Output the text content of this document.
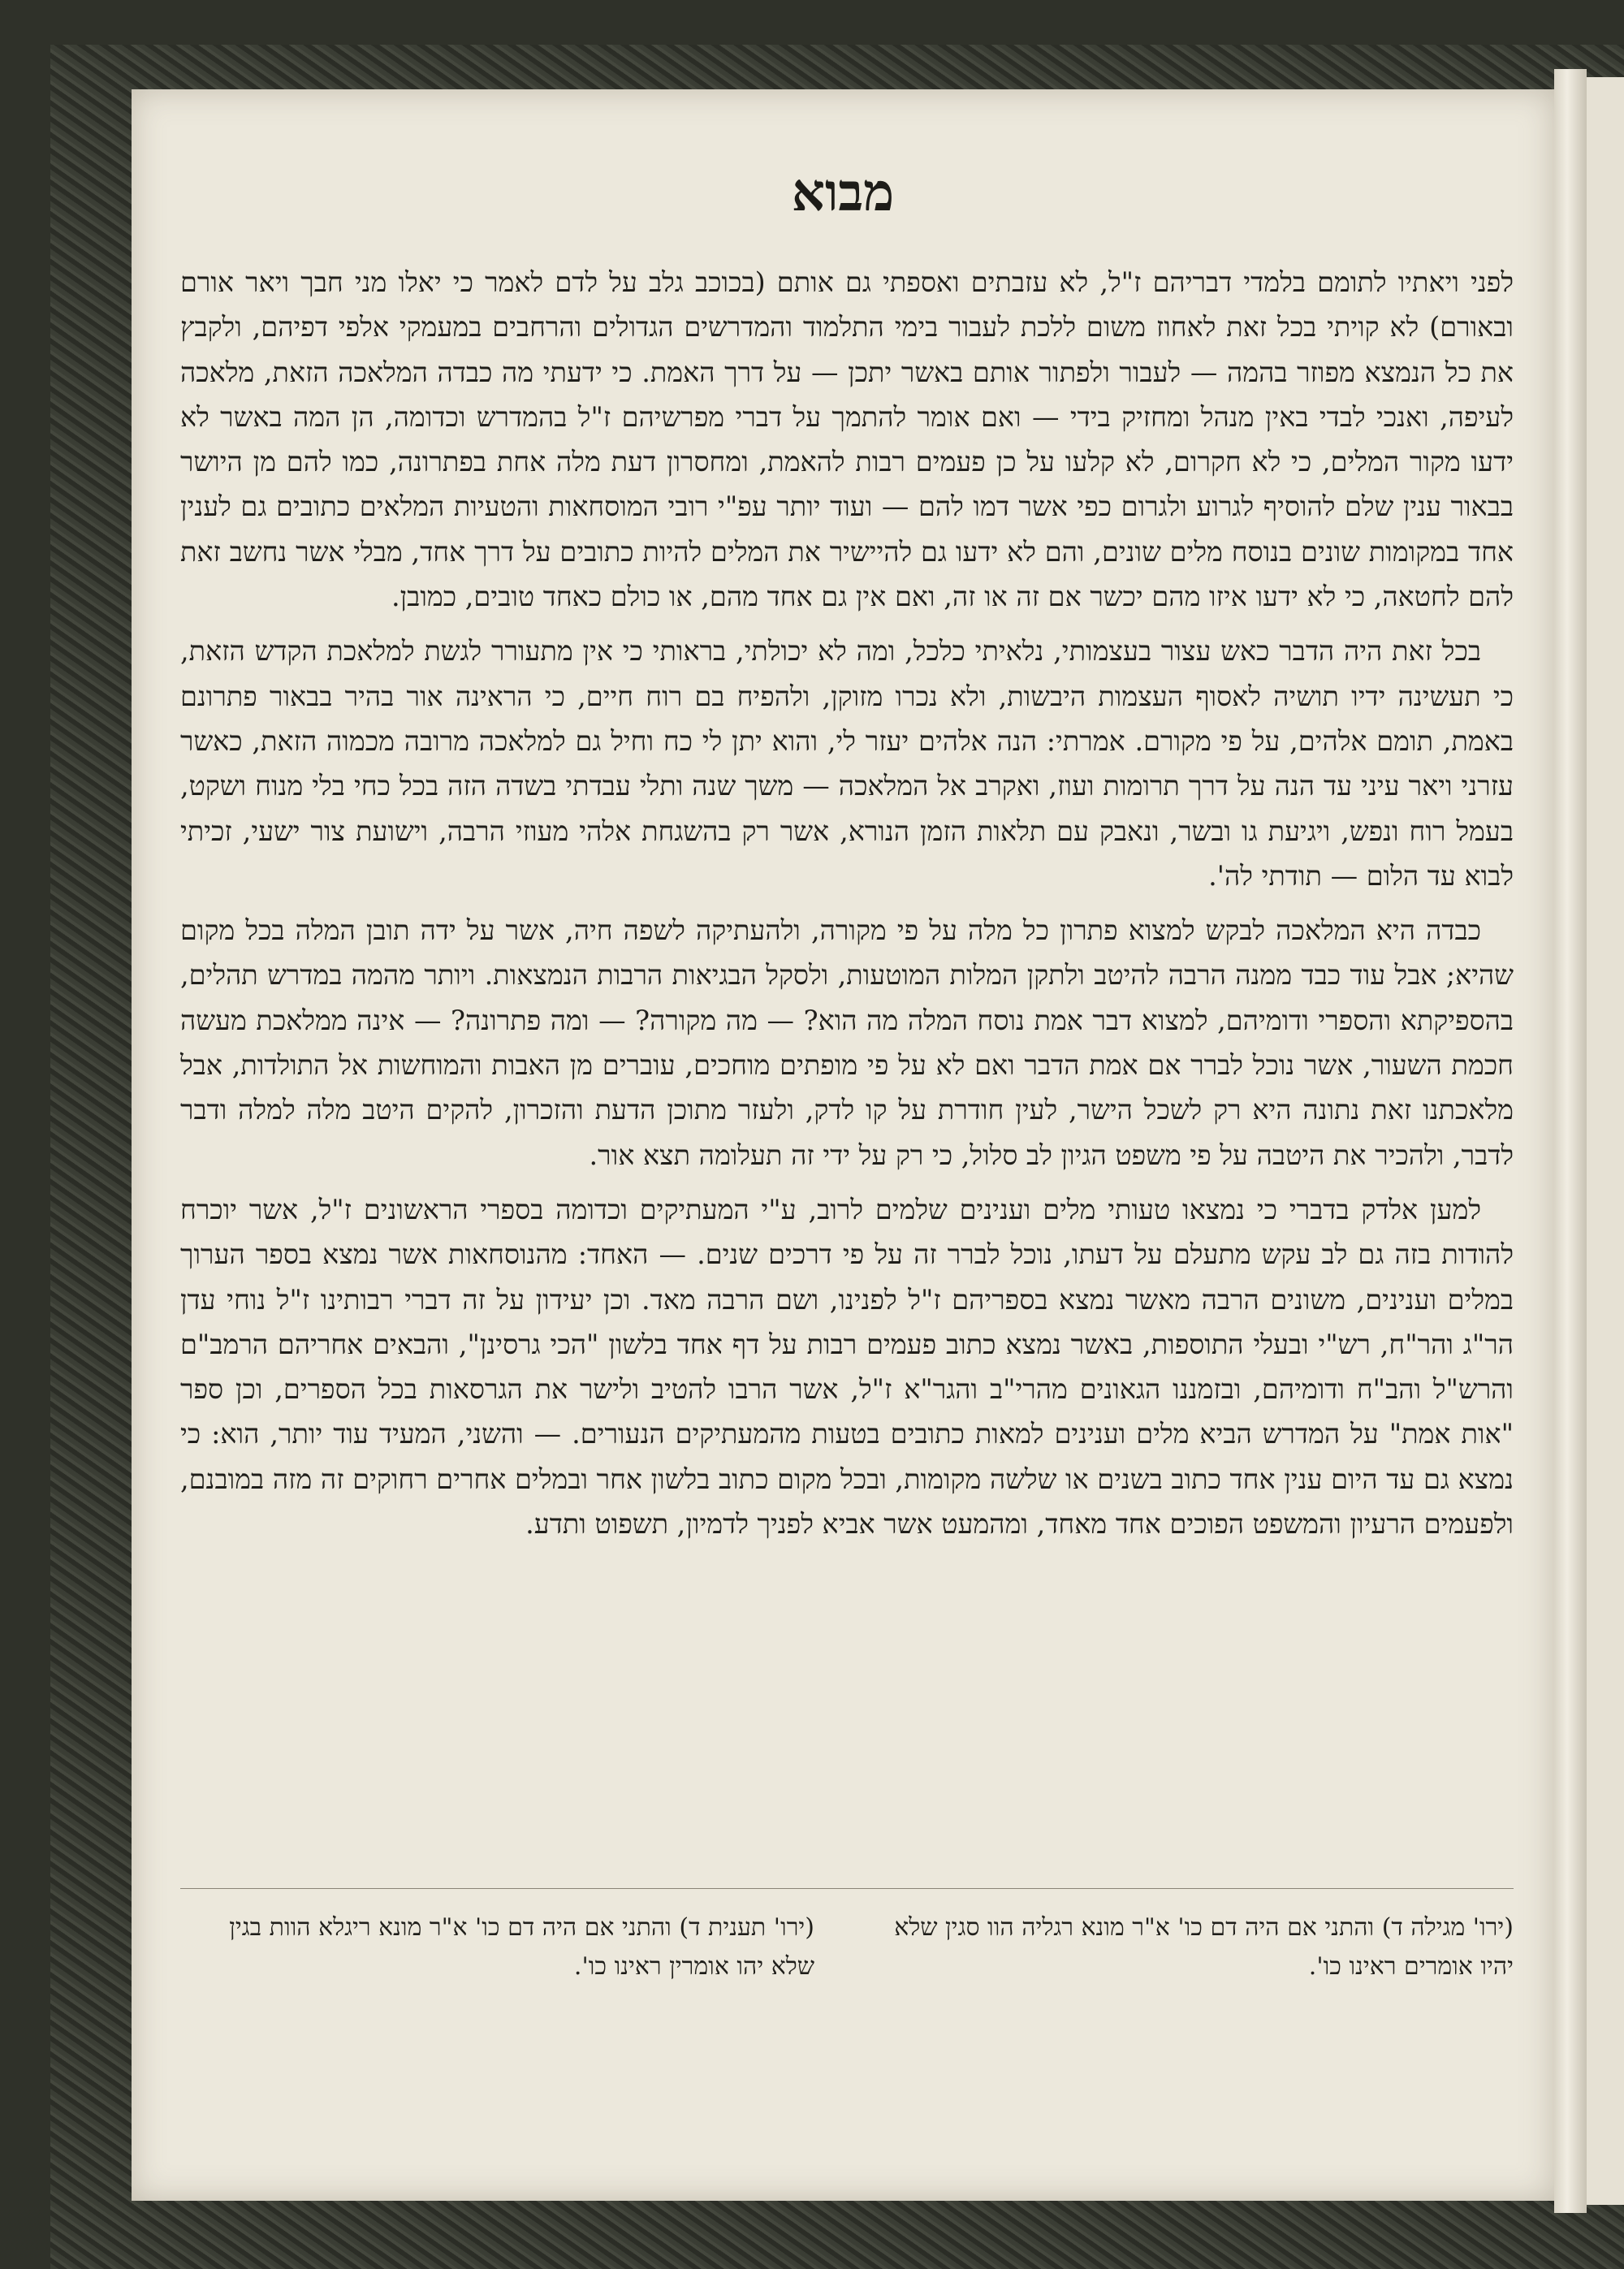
מבוא

לפני ויאתיו לתומם בלמדי דבריהם ז"ל, לא עזבתים ואספתי גם אותם (בכוכב גלב על לדם לאמר כי יאלו מני חבך ויאר אורם ובאורם) לא קויתי בכל זאת לאחוז משום ללכת לעבור בימי התלמוד והמדרשים הגדולים והרחבים במעמקי אלפי דפיהם, ולקבץ את כל הנמצא מפוזר בהמה — לעבור ולפתור אותם באשר יתכן — על דרך האמת. כי ידעתי מה כבדה המלאכה הזאת, מלאכה לעיפה, ואנכי לבדי באין מנהל ומחזיק בידי — ואם אומר להתמך על דברי מפרשיהם ז"ל בהמדרש וכדומה, הן המה באשר לא ידעו מקור המלים, כי לא חקרום, לא קלעו על כן פעמים רבות להאמת, ומחסרון דעת מלה אחת בפתרונה, כמו להם מן היושר בבאור ענין שלם להוסיף לגרוע ולגרום כפי אשר דמו להם — ועוד יותר עפ"י רובי המוסחאות והטעיות המלאים כתובים גם לענין אחד במקומות שונים בנוסח מלים שונים, והם לא ידעו גם להיישיר את המלים להיות כתובים על דרך אחד, מבלי אשר נחשב זאת להם לחטאה, כי לא ידעו איזו מהם יכשר אם זה או זה, ואם אין גם אחד מהם, או כולם כאחד טובים, כמובן.

בכל זאת היה הדבר כאש עצור בעצמותי, נלאיתי כלכל, ומה לא יכולתי, בראותי כי אין מתעורר לגשת למלאכת הקדש הזאת, כי תעשינה ידיו תושיה לאסוף העצמות היבשות, ולא נכרו מזוקן, ולהפיח בם רוח חיים, כי הראינה אור בהיר בבאור פתרונם באמת, תומם אלהים, על פי מקורם. אמרתי: הנה אלהים יעזר לי, והוא יתן לי כח וחיל גם למלאכה מרובה מכמוה הזאת, כאשר עזרני ויאר עיני עד הנה על דרך תרומות ועוז, ואקרב אל המלאכה — משך שנה ותלי עבדתי בשדה הזה בכל כחי בלי מנוח ושקט, בעמל רוח ונפש, ויגיעת גו ובשר, ונאבק עם תלאות הזמן הנורא, אשר רק בהשגחת אלהי מעוזי הרבה, וישועת צור ישעי, זכיתי לבוא עד הלום — תודתי לה'.

כבדה היא המלאכה לבקש למצוא פתרון כל מלה על פי מקורה, ולהעתיקה לשפה חיה, אשר על ידה תובן המלה בכל מקום שהיא; אבל עוד כבד ממנה הרבה להיטב ולתקן המלות המוטעות, ולסקל הבגיאות הרבות הנמצאות. ויותר מהמה במדרש תהלים, בהספיקתא והספרי ודומיהם, למצוא דבר אמת נוסח המלה מה הוא? — מה מקורה? — ומה פתרונה? — אינה ממלאכת מעשה חכמת השעור, אשר נוכל לברר אם אמת הדבר ואם לא על פי מופתים מוחכים, עוברים מן האבות והמוחשות אל התולדות, אבל מלאכתנו זאת נתונה היא רק לשכל הישר, לעין חודרת על קו לדק, ולעזר מתוכן הדעת והזכרון, להקים היטב מלה למלה ודבר לדבר, ולהכיר את היטבה על פי משפט הגיון לב סלול, כי רק על ידי זה תעלומה תצא אור.

למען אלדק בדברי כי נמצאו טעותי מלים וענינים שלמים לרוב, ע"י המעתיקים וכדומה בספרי הראשונים ז"ל, אשר יוכרח להודות בזה גם לב עקש מתעלם על דעתו, נוכל לברר זה על פי דרכים שנים. — האחד: מהנוסחאות אשר נמצא בספר הערוך במלים וענינים, משונים הרבה מאשר נמצא בספריהם ז"ל לפנינו, ושם הרבה מאד. וכן יעידון על זה דברי רבותינו ז"ל נוחי עדן הר"ג והר"ח, רש"י ובעלי התוספות, באשר נמצא כתוב פעמים רבות על דף אחד בלשון "הכי גרסינן", והבאים אחריהם הרמב"ם והרש"ל והב"ח ודומיהם, ובזמננו הגאונים מהרי"ב והגר"א ז"ל, אשר הרבו להטיב ולישר את הגרסאות בכל הספרים, וכן ספר "אות אמת" על המדרש הביא מלים וענינים למאות כתובים בטעות מהמעתיקים הנעורים. — והשני, המעיד עוד יותר, הוא: כי נמצא גם עד היום ענין אחד כתוב בשנים או שלשה מקומות, ובכל מקום כתוב בלשון אחר ובמלים אחרים רחוקים זה מזה במובנם, ולפעמים הרעיון והמשפט הפוכים אחד מאחד, ומהמעט אשר אביא לפניך לדמיון, תשפוט ותדע.

(ירו' מגילה ד) והתני אם היה דם כו' א"ר מונא רגליה הוו סגין שלא יהיו אומרים ראינו כו'.
(ירו' תענית ד) והתני אם היה דם כו' א"ר מונא ריגלא הוות בגין שלא יהו אומרין ראינו כו'.
